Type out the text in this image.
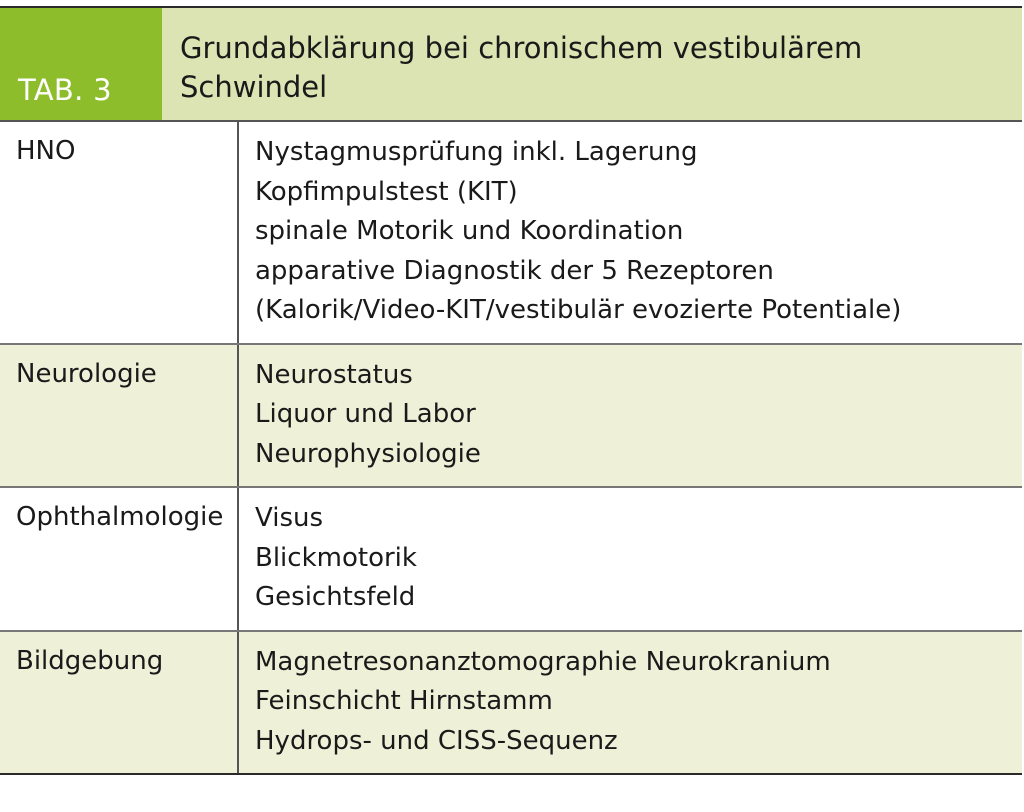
TAB. 3
Grundabklärung bei chronischem vestibulärem
Schwindel
HNO	Nystagmusprüfung inkl. Lagerung
Kopfimpulstest (KIT)
spinale Motorik und Koordination
apparative Diagnostik der 5 Rezeptoren
(Kalorik/Video-KIT/vestibulär evozierte Potentiale)
Neurologie	Neurostatus
Liquor und Labor
Neurophysiologie
Ophthalmologie	Visus
Blickmotorik
Gesichtsfeld
Bildgebung	Magnetresonanztomographie Neurokranium
Feinschicht Hirnstamm
Hydrops- und CISS-Sequenz
